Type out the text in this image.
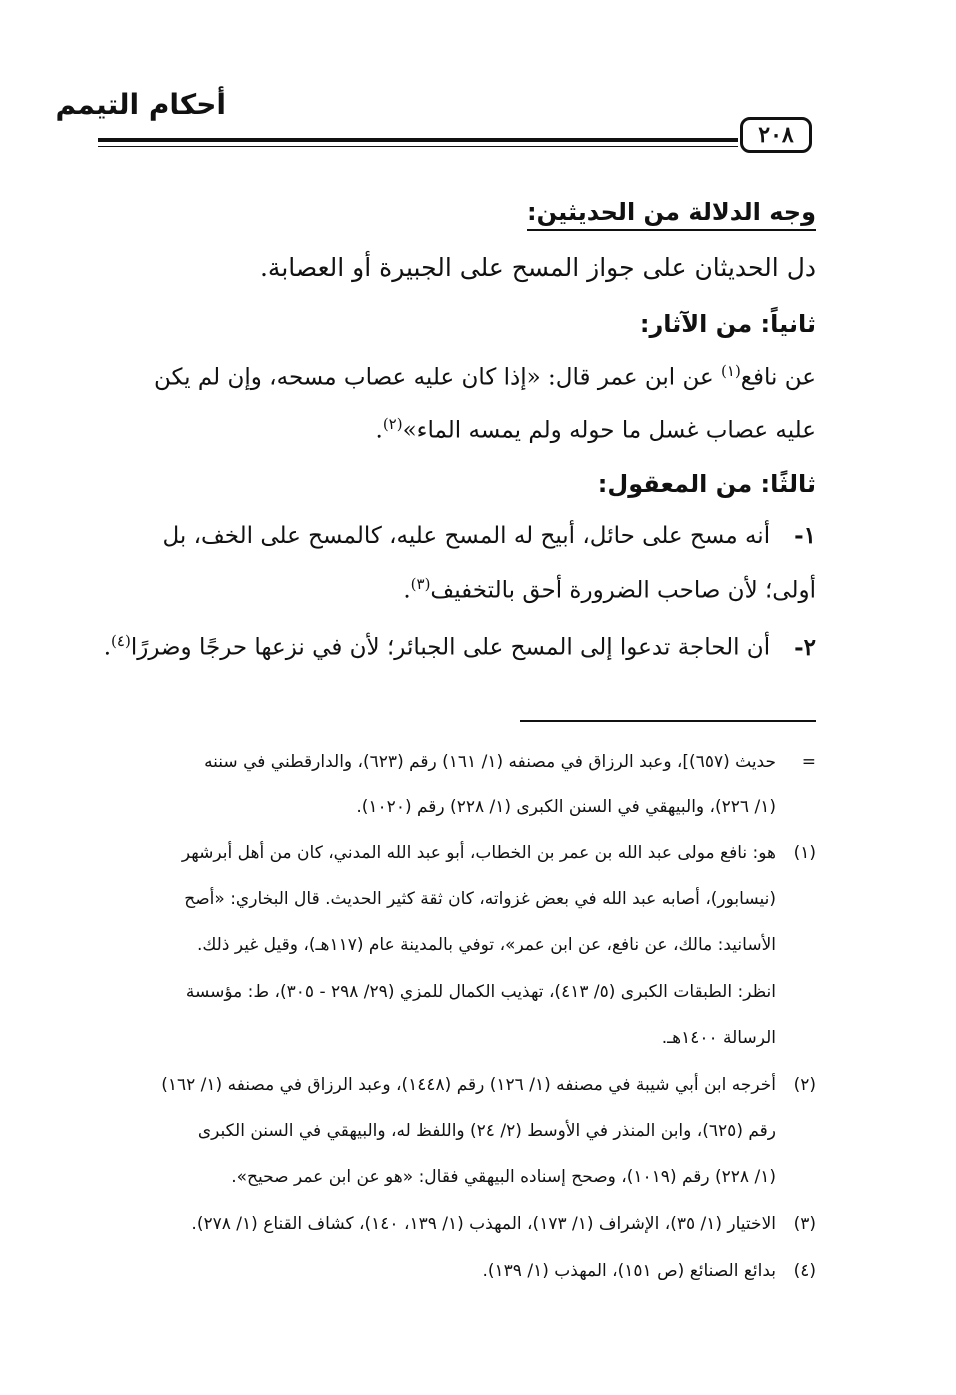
أحكام التيمم
٢٠٨
وجه الدلالة من الحديثين:
دل الحديثان على جواز المسح على الجبيرة أو العصابة.
ثانياً: من الآثار:
عن نافع$^{(١)}$ عن ابن عمر قال: «إذا كان عليه عصاب مسحه، وإن لم يكن
عليه عصاب غسل ما حوله ولم يمسه الماء»$^{(٢)}$.
ثالثًا: من المعقول:
١-أنه مسح على حائل، أبيح له المسح عليه، كالمسح على الخف، بل
أولى؛ لأن صاحب الضرورة أحق بالتخفيف$^{(٣)}$.
٢-أن الحاجة تدعوا إلى المسح على الجبائر؛ لأن في نزعها حرجًا وضررًا$^{(٤)}$.
=
حديث (٦٥٧)]، وعبد الرزاق في مصنفه (١/ ١٦١) رقم (٦٢٣)، والدارقطني في سننه
(١/ ٢٢٦)، والبيهقي في السنن الكبرى (١/ ٢٢٨) رقم (١٠٢٠).
(١)
هو: نافع مولى عبد الله بن عمر بن الخطاب، أبو عبد الله المدني، كان من أهل أبرشهر
(نيسابور)، أصابه عبد الله في بعض غزواته، كان ثقة كثير الحديث. قال البخاري: «أصح
الأسانيد: مالك، عن نافع، عن ابن عمر»، توفي بالمدينة عام (١١٧هـ)، وقيل غير ذلك.
انظر: الطبقات الكبرى (٥/ ٤١٣)، تهذيب الكمال للمزي (٢٩/ ٢٩٨ - ٣٠٥)، ط: مؤسسة
الرسالة ١٤٠٠هـ.
(٢)
أخرجه ابن أبي شيبة في مصنفه (١/ ١٢٦) رقم (١٤٤٨)، وعبد الرزاق في مصنفه (١/ ١٦٢)
رقم (٦٢٥)، وابن المنذر في الأوسط (٢/ ٢٤) واللفظ له، والبيهقي في السنن الكبرى
(١/ ٢٢٨) رقم (١٠١٩)، وصحح إسناده البيهقي فقال: «هو عن ابن عمر صحيح».
(٣)
الاختيار (١/ ٣٥)، الإشراف (١/ ١٧٣)، المهذب (١/ ١٣٩، ١٤٠)، كشاف القناع (١/ ٢٧٨).
(٤)
بدائع الصنائع (ص ١٥١)، المهذب (١/ ١٣٩).
